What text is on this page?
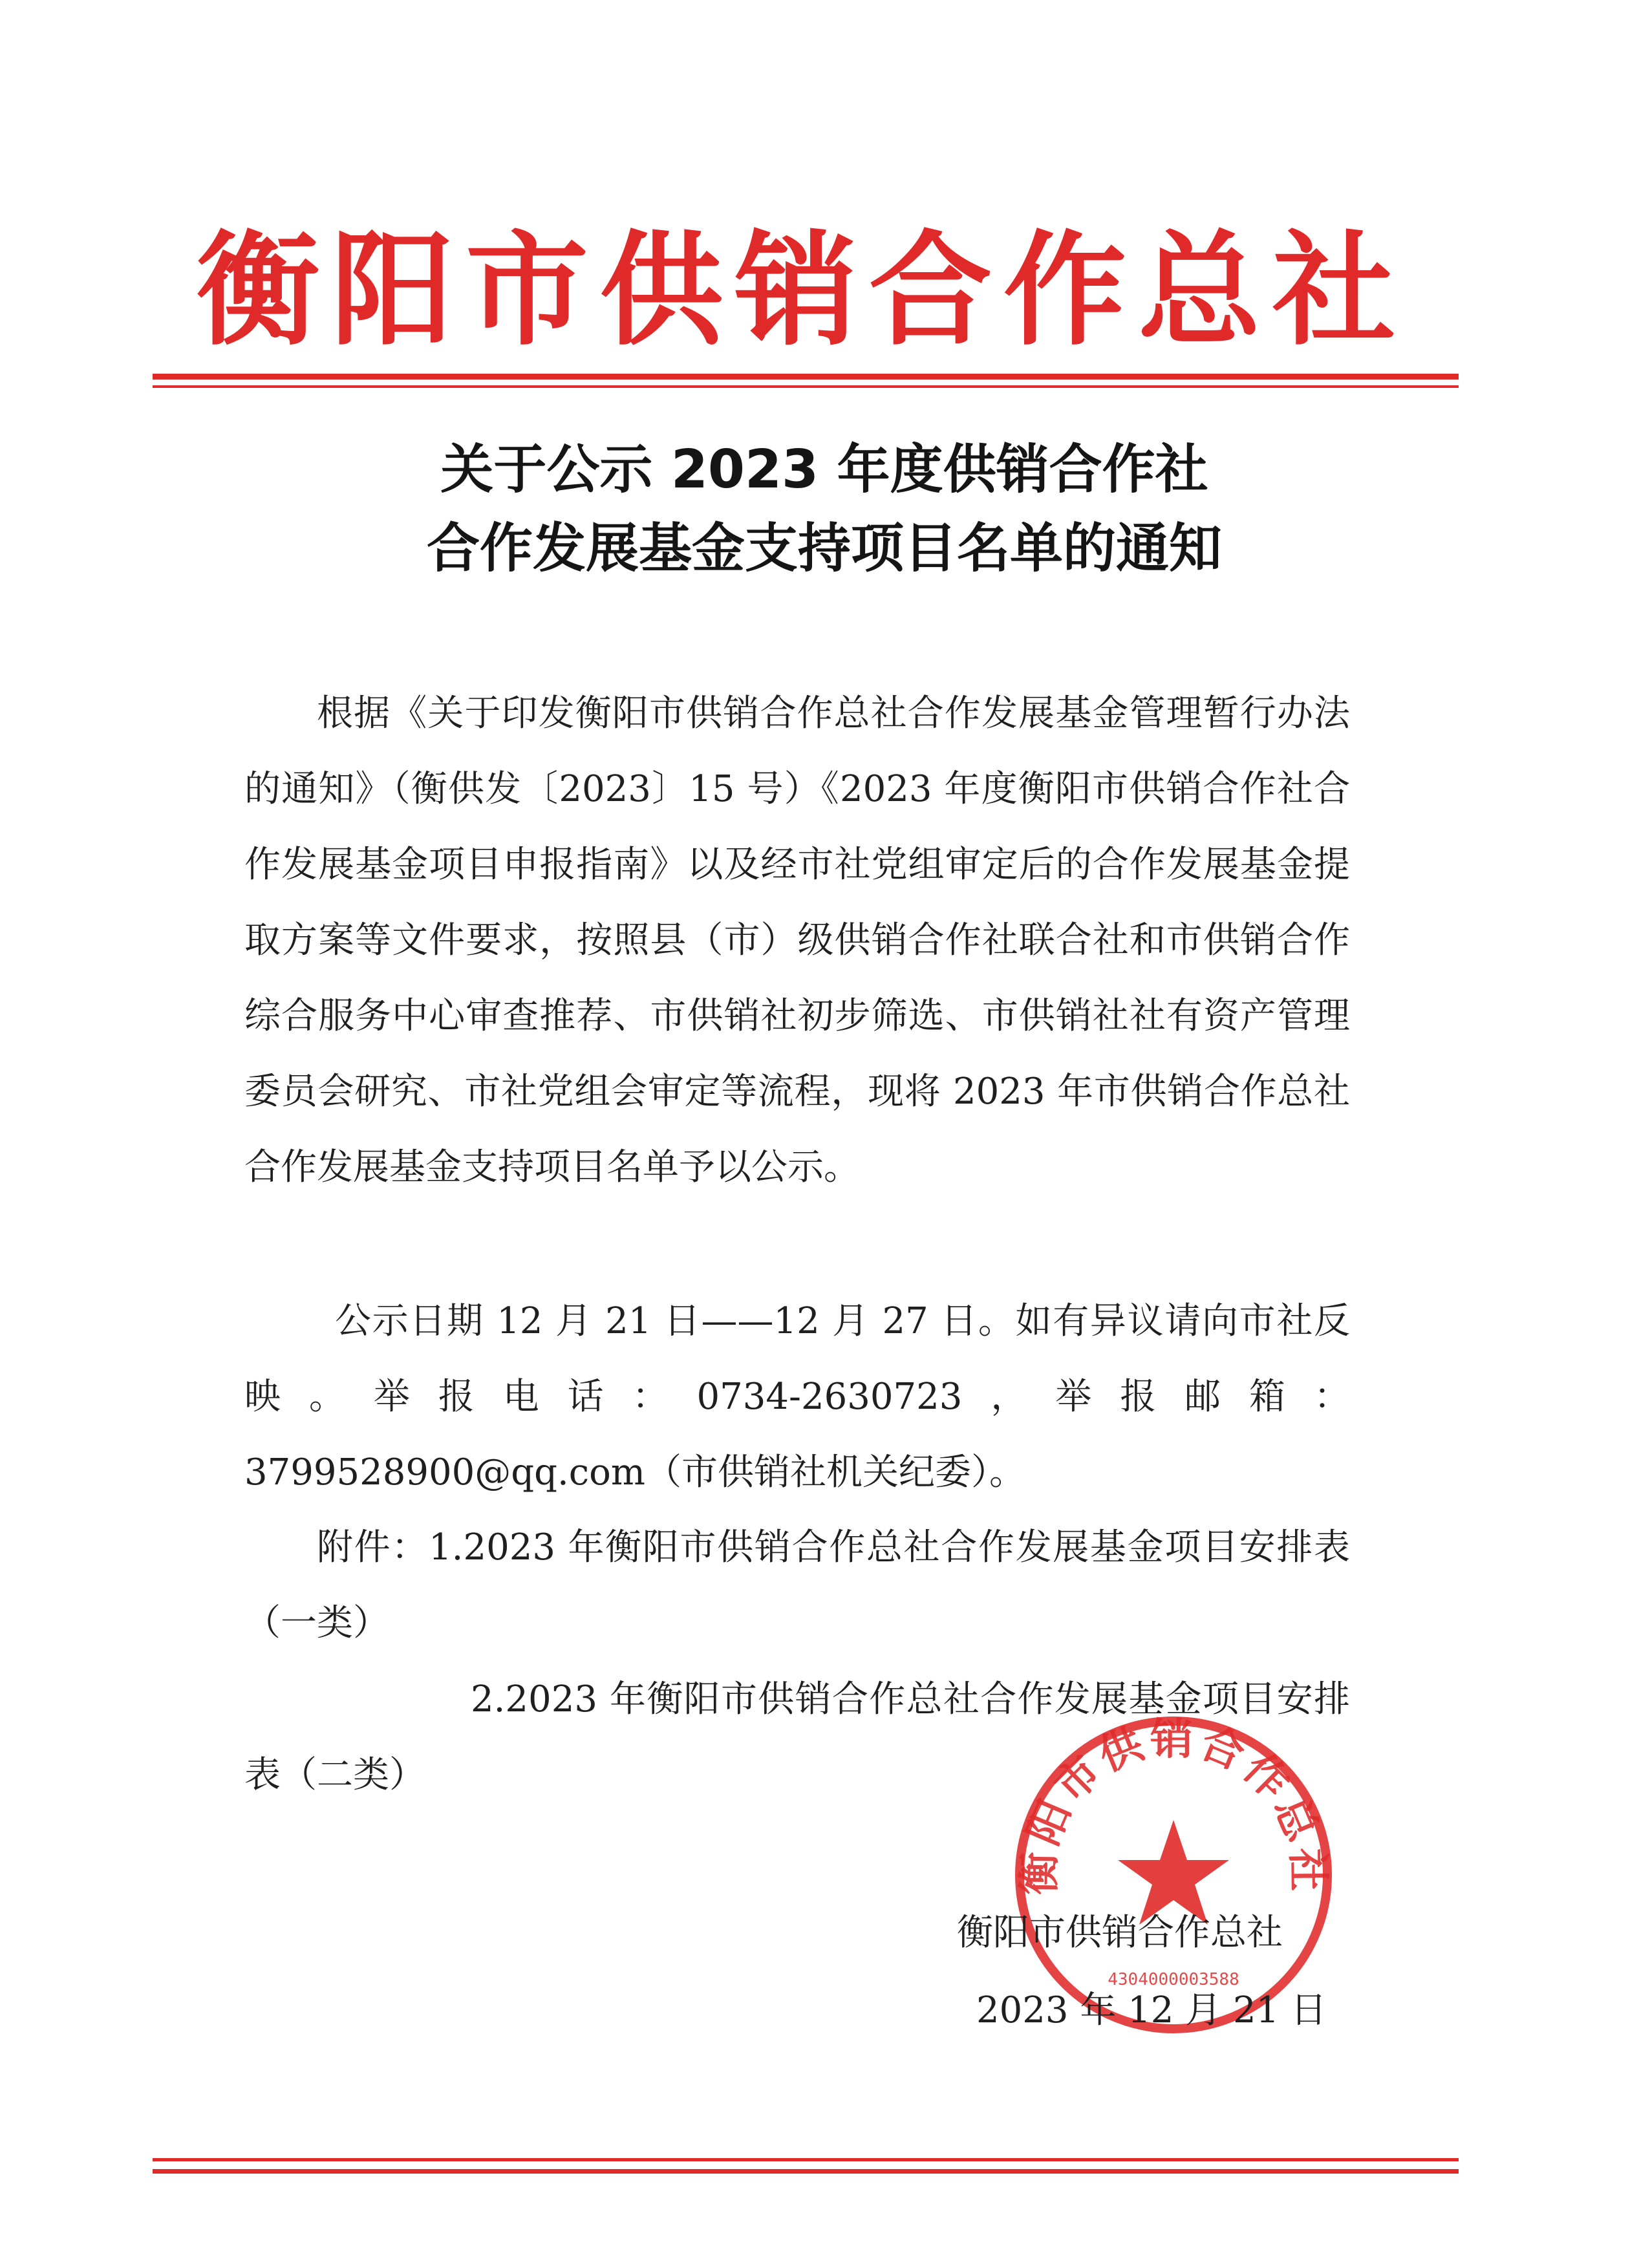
衡阳市供销合作总社
关于公示 2023 年度供销合作社
合作发展基金支持项目名单的通知

根据《关于印发衡阳市供销合作总社合作发展基金管理暂行办法的通知》（衡供发〔2023〕15 号）《2023 年度衡阳市供销合作社合作发展基金项目申报指南》以及经市社党组审定后的合作发展基金提取方案等文件要求，按照县（市）级供销合作社联合社和市供销合作综合服务中心审查推荐、市供销社初步筛选、市供销社社有资产管理委员会研究、市社党组会审定等流程，现将 2023 年市供销合作总社合作发展基金支持项目名单予以公示。

公示日期 12 月 21 日——12 月 27 日。如有异议请向市社反映。举报电话：0734-2630723，举报邮箱：3799528900@qq.com（市供销社机关纪委）。

附件：1.2023 年衡阳市供销合作总社合作发展基金项目安排表（一类）

2.2023 年衡阳市供销合作总社合作发展基金项目安排表（二类）

衡阳市供销合作总社
4304000003588
衡阳市供销合作总社
2023 年 12 月 21 日
